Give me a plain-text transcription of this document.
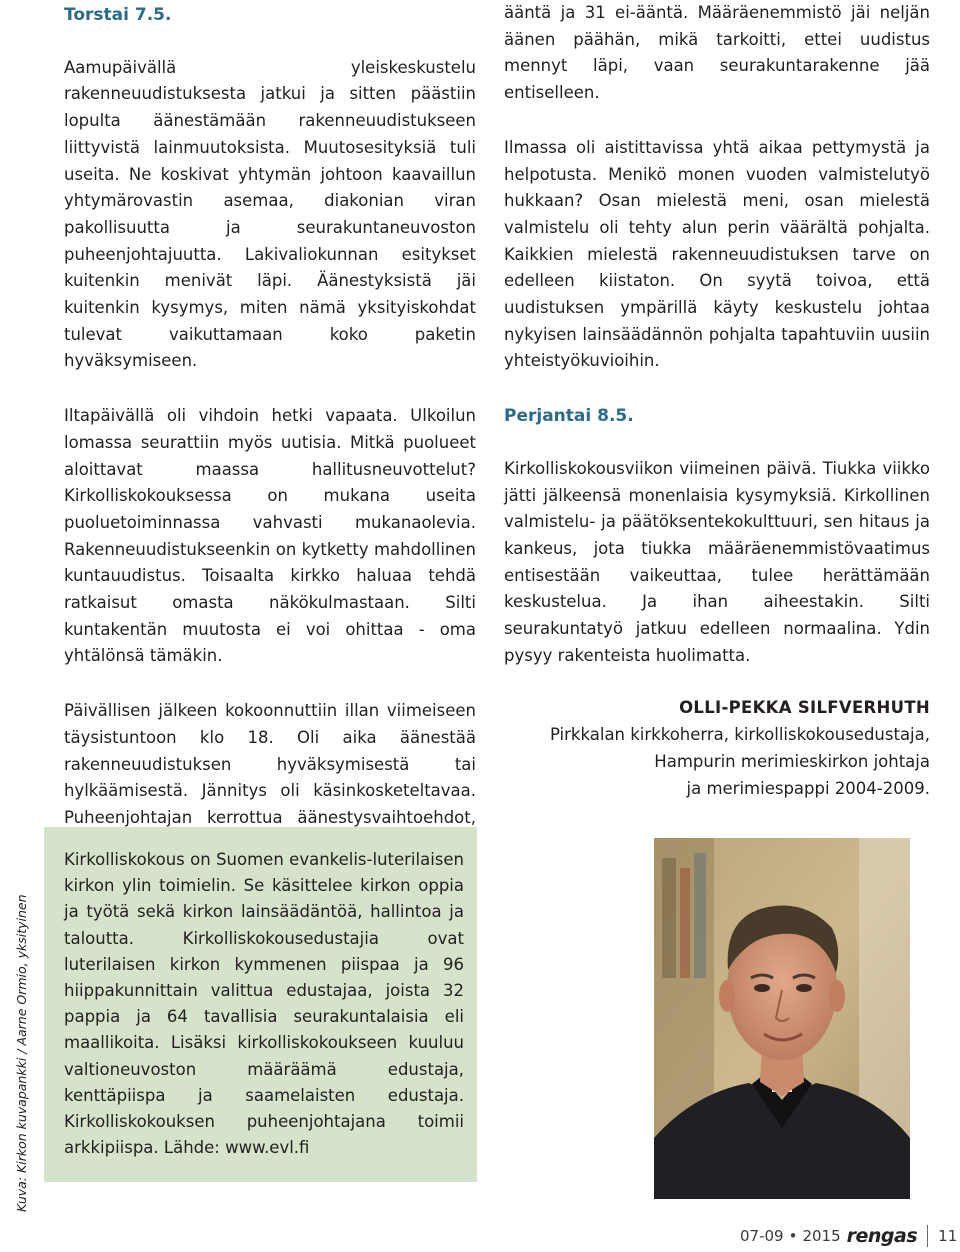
Torstai 7.5.

Aamupäivällä yleiskeskustelu rakenneuudistuksesta jatkui ja sitten päästiin lopulta äänestämään rakenneuudistukseen liittyvistä lainmuutoksista. Muutosesityksiä tuli useita. Ne koskivat yhtymän johtoon kaavaillun yhtymärovastin asemaa, diakonian viran pakollisuutta ja seurakuntaneuvoston puheenjohtajuutta. Lakivaliokunnan esitykset kuitenkin menivät läpi. Äänestyksistä jäi kuitenkin kysymys, miten nämä yksityiskohdat tulevat vaikuttamaan koko paketin hyväksymiseen.

Iltapäivällä oli vihdoin hetki vapaata. Ulkoilun lomassa seurattiin myös uutisia. Mitkä puolueet aloittavat maassa hallitusneuvottelut? Kirkolliskokouksessa on mukana useita puoluetoiminnassa vahvasti mukanaolevia. Rakenneuudistukseenkin on kytketty mahdollinen kuntauudistus. Toisaalta kirkko haluaa tehdä ratkaisut omasta näkökulmastaan. Silti kuntakentän muutosta ei voi ohittaa - oma yhtälönsä tämäkin.

Päivällisen jälkeen kokoonnuttiin illan viimeiseen täysistuntoon klo 18. Oli aika äänestää rakenneuudistuksen hyväksymisestä tai hylkäämisestä. Jännitys oli käsinkosketeltavaa. Puheenjohtajan kerrottua äänestysvaihtoehdot,

ääntä ja 31 ei-ääntä. Määräenemmistö jäi neljän äänen päähän, mikä tarkoitti, ettei uudistus mennyt läpi, vaan seurakuntarakenne jää entiselleen.

Ilmassa oli aistittavissa yhtä aikaa pettymystä ja helpotusta. Menikö monen vuoden valmistelutyö hukkaan? Osan mielestä meni, osan mielestä valmistelu oli tehty alun perin väärältä pohjalta. Kaikkien mielestä rakenneuudistuksen tarve on edelleen kiistaton. On syytä toivoa, että uudistuksen ympärillä käyty keskustelu johtaa nykyisen lainsäädännön pohjalta tapahtuviin uusiin yhteistyökuvioihin.

Perjantai 8.5.

Kirkolliskokousviikon viimeinen päivä. Tiukka viikko jätti jälkeensä monenlaisia kysymyksiä. Kirkollinen valmistelu- ja päätöksentekokulttuuri, sen hitaus ja kankeus, jota tiukka määräenemmistövaatimus entisestään vaikeuttaa, tulee herättämään keskustelua. Ja ihan aiheestakin. Silti seurakuntatyö jatkuu edelleen normaalina. Ydin pysyy rakenteista huolimatta.

OLLI-PEKKA SILFVERHUTH
Pirkkalan kirkkoherra, kirkolliskokousedustaja,
Hampurin merimieskirkon johtaja
ja merimiespappi 2004-2009.

Kuva: Kirkon kuvapankki / Aarne Ormio, yksityinen

Kirkolliskokous on Suomen evankelis-luterilaisen kirkon ylin toimielin. Se käsittelee kirkon oppia ja työtä sekä kirkon lainsäädäntöä, hallintoa ja taloutta. Kirkolliskokousedustajia ovat luterilaisen kirkon kymmenen piispaa ja 96 hiippakunnittain valittua edustajaa, joista 32 pappia ja 64 tavallisia seurakuntalaisia eli maallikoita. Lisäksi kirkolliskokoukseen kuuluu valtioneuvoston määräämä edustaja, kenttäpiispa ja saamelaisten edustaja. Kirkolliskokouksen puheenjohtajana toimii arkkipiispa. Lähde: www.evl.fi

07-09 • 2015 rengas 11
